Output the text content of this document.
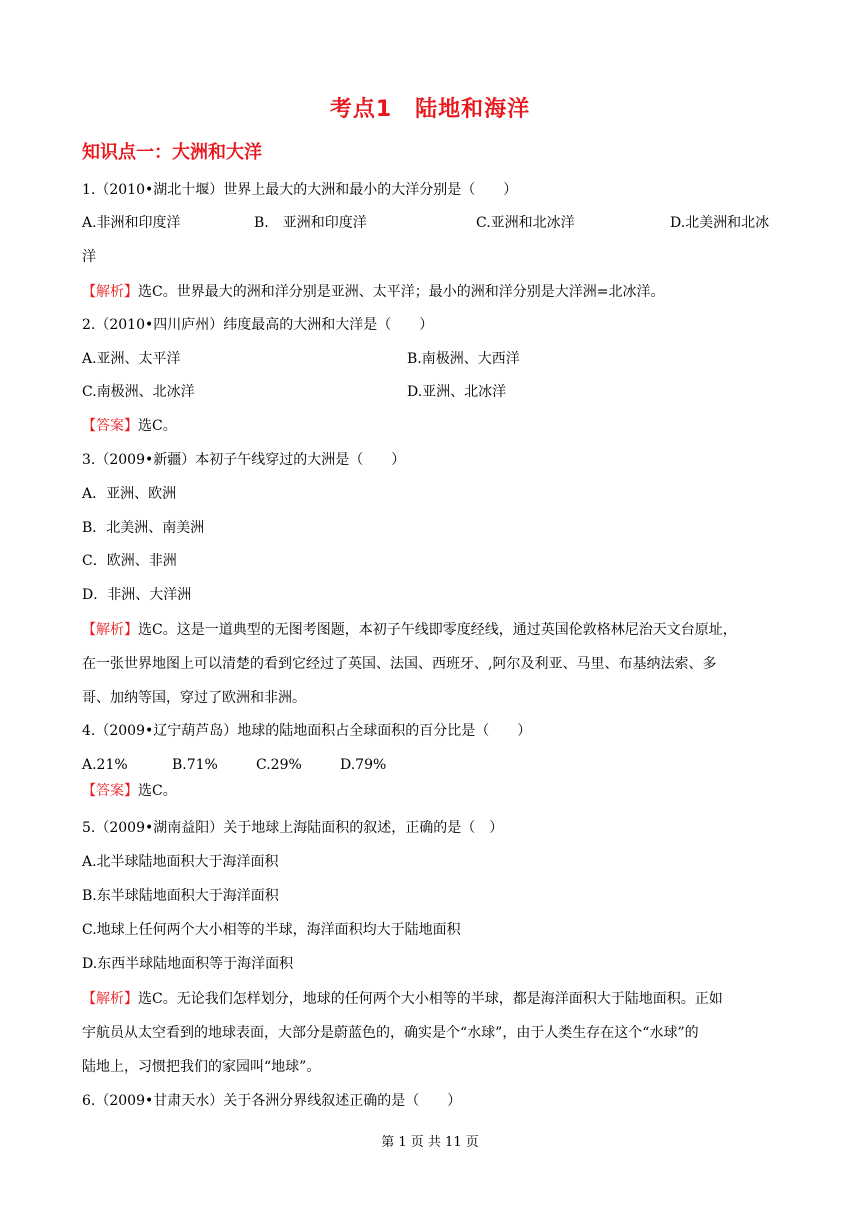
考点1　陆地和海洋
知识点一：大洲和大洋
1.（2010•湖北十堰）世界上最大的大洲和最小的大洋分别是（　　）
A.非洲和印度洋	B.　亚洲和印度洋	C.亚洲和北冰洋	D.北美洲和北冰
洋
【解析】选C。世界最大的洲和洋分别是亚洲、太平洋；最小的洲和洋分别是大洋洲=北冰洋。
2.（2010•四川庐州）纬度最高的大洲和大洋是（　　）
A.亚洲、太平洋	B.南极洲、大西洋
C.南极洲、北冰洋	D.亚洲、北冰洋
【答案】选C。
3.（2009•新疆）本初子午线穿过的大洲是（　　）
A．亚洲、欧洲
B．北美洲、南美洲
C．欧洲、非洲
D．非洲、大洋洲
【解析】选C。这是一道典型的无图考图题，本初子午线即零度经线，通过英国伦敦格林尼治天文台原址，
在一张世界地图上可以清楚的看到它经过了英国、法国、西班牙、,阿尔及利亚、马里、布基纳法索、多
哥、加纳等国，穿过了欧洲和非洲。
4.（2009•辽宁葫芦岛）地球的陆地面积占全球面积的百分比是（　　）
A.21%	B.71%	C.29%	D.79%
【答案】选C。
5.（2009•湖南益阳）关于地球上海陆面积的叙述，正确的是（　）
A.北半球陆地面积大于海洋面积
B.东半球陆地面积大于海洋面积
C.地球上任何两个大小相等的半球，海洋面积均大于陆地面积
D.东西半球陆地面积等于海洋面积
【解析】选C。无论我们怎样划分，地球的任何两个大小相等的半球，都是海洋面积大于陆地面积。正如
宇航员从太空看到的地球表面，大部分是蔚蓝色的，确实是个“水球”，由于人类生存在这个“水球”的
陆地上，习惯把我们的家园叫“地球”。
6.（2009•甘肃天水）关于各洲分界线叙述正确的是（　　）
第 1 页 共 11 页
